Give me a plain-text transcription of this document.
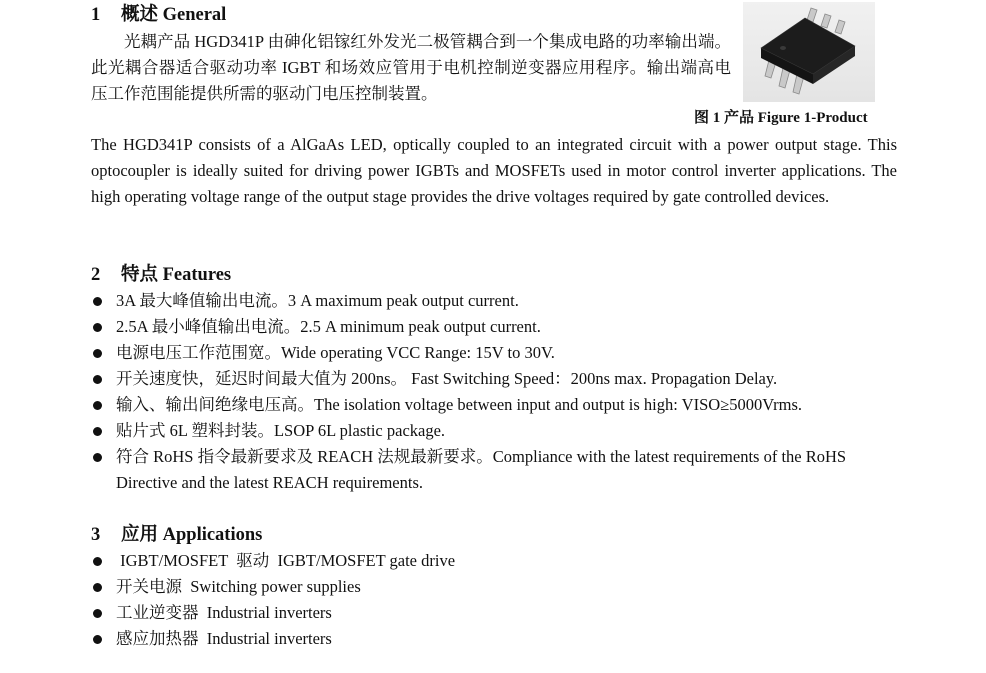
1 概述 General
光耦产品 HGD341P 由砷化铝镓红外发光二极管耦合到一个集成电路的功率输出端。此光耦合器适合驱动功率 IGBT 和场效应管用于电机控制逆变器应用程序。输出端高电压工作范围能提供所需的驱动门电压控制装置。
图 1 产品 Figure 1-Product
The HGD341P consists of a AlGaAs LED, optically coupled to an integrated circuit with a power output stage. This optocoupler is ideally suited for driving power IGBTs and MOSFETs used in motor control inverter applications. The high operating voltage range of the output stage provides the drive voltages required by gate controlled devices.
2 特点 Features
3A 最大峰值输出电流。3 A maximum peak output current.
2.5A 最小峰值输出电流。2.5 A minimum peak output current.
电源电压工作范围宽。Wide operating VCC Range: 15V to 30V.
开关速度快，延迟时间最大值为 200ns。 Fast Switching Speed：200ns max. Propagation Delay.
输入、输出间绝缘电压高。The isolation voltage between input and output is high: VISO≥5000Vrms.
贴片式 6L 塑料封装。LSOP 6L plastic package.
符合 RoHS 指令最新要求及 REACH 法规最新要求。Compliance with the latest requirements of the RoHS Directive and the latest REACH requirements.
3 应用 Applications
IGBT/MOSFET  驱动  IGBT/MOSFET gate drive
开关电源  Switching power supplies
工业逆变器  Industrial inverters
感应加热器  Industrial inverters
